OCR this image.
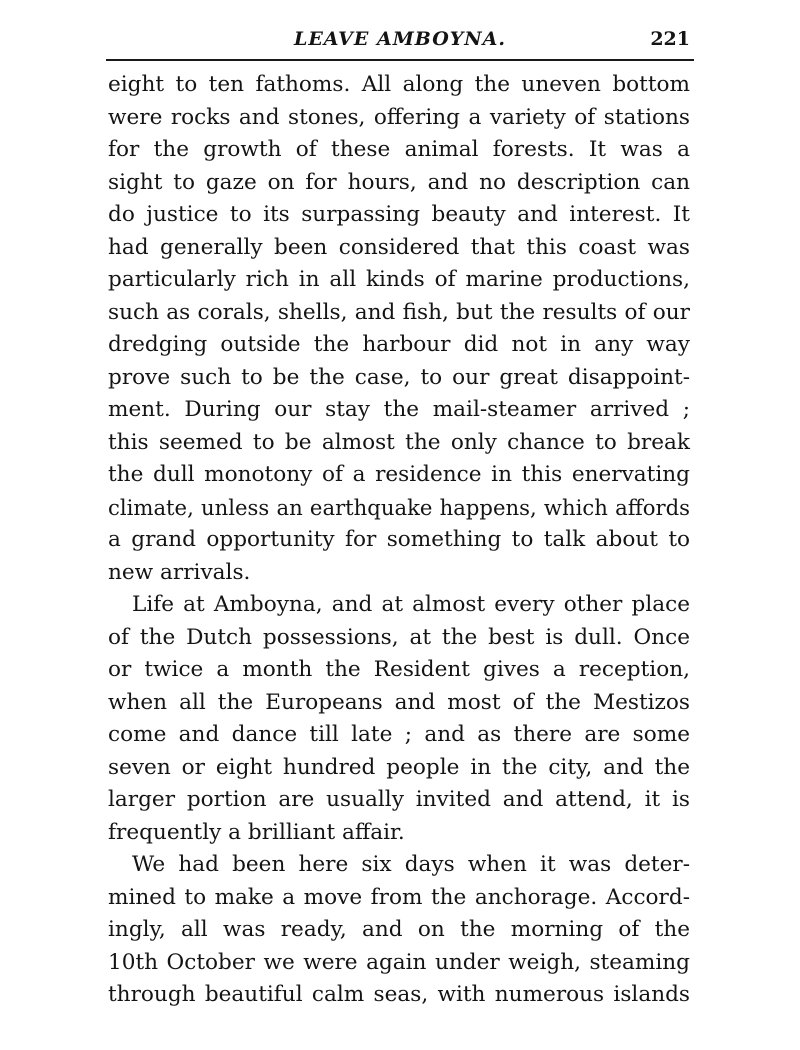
LEAVE AMBOYNA.	221
eight to ten fathoms. All along the uneven bottom
were rocks and stones, offering a variety of stations
for the growth of these animal forests. It was a
sight to gaze on for hours, and no description can
do justice to its surpassing beauty and interest. It
had generally been considered that this coast was
particularly rich in all kinds of marine productions,
such as corals, shells, and fish, but the results of our
dredging outside the harbour did not in any way
prove such to be the case, to our great disappoint-
ment. During our stay the mail-steamer arrived ;
this seemed to be almost the only chance to break
the dull monotony of a residence in this enervating
climate, unless an earthquake happens, which affords
a grand opportunity for something to talk about to
new arrivals.
Life at Amboyna, and at almost every other place
of the Dutch possessions, at the best is dull. Once
or twice a month the Resident gives a reception,
when all the Europeans and most of the Mestizos
come and dance till late ; and as there are some
seven or eight hundred people in the city, and the
larger portion are usually invited and attend, it is
frequently a brilliant affair.
We had been here six days when it was deter-
mined to make a move from the anchorage. Accord-
ingly, all was ready, and on the morning of the
10th October we were again under weigh, steaming
through beautiful calm seas, with numerous islands
